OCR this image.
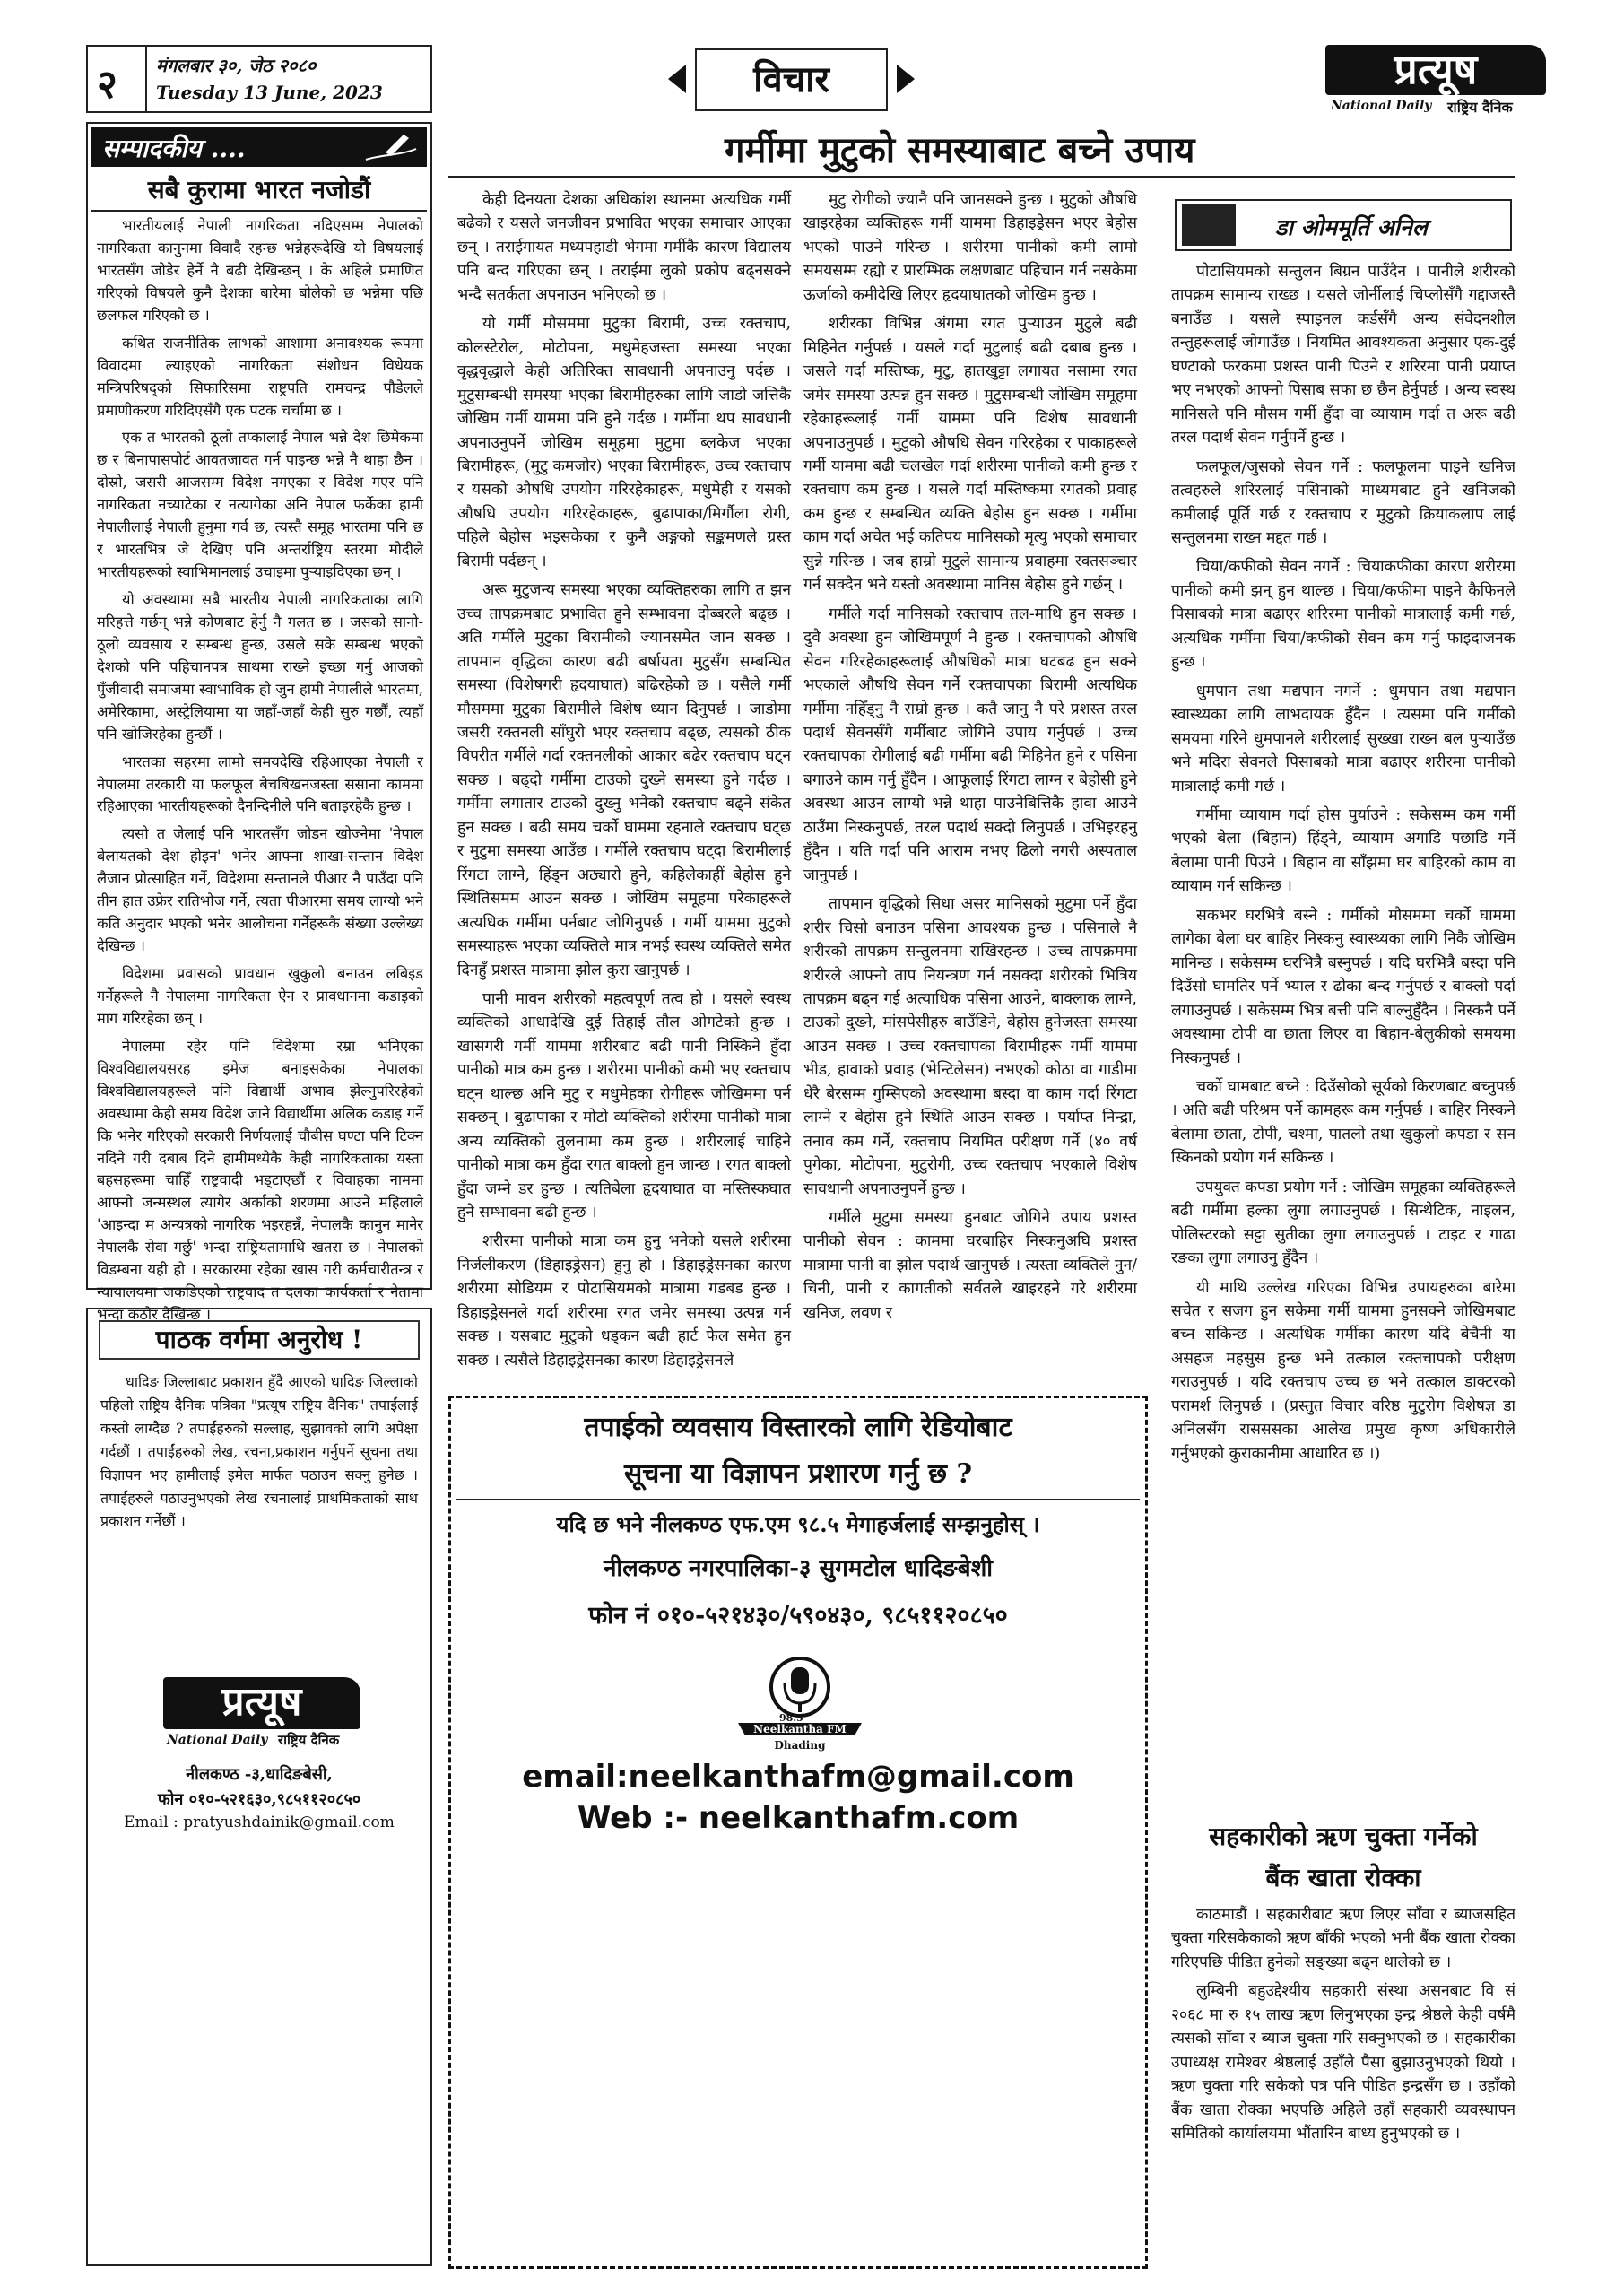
२ मंगलबार ३०, जेठ २०८०
Tuesday 13 June, 2023	विचार	प्रत्यूष
National Daily राष्ट्रिय दैनिक
सम्पादकीय ....
सबै कुरामा भारत नजोडौं

भारतीयलाई नेपाली नागरिकता नदिएसम्म नेपालको नागरिकता कानुनमा विवादै रहन्छ भन्नेहरूदेखि यो विषयलाई भारतसँग जोडेर हेर्ने नै बढी देखिन्छन् । के अहिले प्रमाणित गरिएको विषयले कुनै देशका बारेमा बोलेको छ भन्नेमा पछि छलफल गरिएको छ ।

कथित राजनीतिक लाभको आशामा अनावश्यक रूपमा विवादमा ल्याइएको नागरिकता संशोधन विधेयक मन्त्रिपरिषद्को सिफारिसमा राष्ट्रपति रामचन्द्र पौडेलले प्रमाणीकरण गरिदिएसँगै एक पटक चर्चामा छ ।

एक त भारतको ठूलो तप्कालाई नेपाल भन्ने देश छिमेकमा छ र बिनापासपोर्ट आवतजावत गर्न पाइन्छ भन्ने नै थाहा छैन । दोस्रो, जसरी आजसम्म विदेश नगएका र विदेश गएर पनि नागरिकता नच्याटेका र नत्यागेका अनि नेपाल फर्केका हामी नेपालीलाई नेपाली हुनुमा गर्व छ, त्यस्तै समूह भारतमा पनि छ र भारतभित्र जे देखिए पनि अन्तर्राष्ट्रिय स्तरमा मोदीले भारतीयहरूको स्वाभिमानलाई उचाइमा पुऱ्याइदिएका छन् ।

यो अवस्थामा सबै भारतीय नेपाली नागरिकताका लागि मरिहत्ते गर्छन् भन्ने कोणबाट हेर्नु नै गलत छ । जसको सानो-ठूलो व्यवसाय र सम्बन्ध हुन्छ, उसले सके सम्बन्ध भएको देशको पनि पहिचानपत्र साथमा राख्ने इच्छा गर्नु आजको पुँजीवादी समाजमा स्वाभाविक हो जुन हामी नेपालीले भारतमा, अमेरिकामा, अस्ट्रेलियामा या जहाँ-जहाँ केही सुरु गर्छौं, त्यहाँ पनि खोजिरहेका हुन्छौं ।

भारतका सहरमा लामो समयदेखि रहिआएका नेपाली र नेपालमा तरकारी या फलफूल बेचबिखनजस्ता ससाना काममा रहिआएका भारतीयहरूको दैनन्दिनीले पनि बताइरहेकै हुन्छ ।

त्यसो त जेलाई पनि भारतसँग जोडन खोज्नेमा 'नेपाल बेलायतको देश होइन' भनेर आफ्ना शाखा-सन्तान विदेश लैजान प्रोत्साहित गर्ने, विदेशमा सन्तानले पीआर नै पाउँदा पनि तीन हात उफ्रेर रातिभोज गर्ने, त्यता पीआरमा समय लाग्यो भने कति अनुदार भएको भनेर आलोचना गर्नेहरूकै संख्या उल्लेख्य देखिन्छ ।

विदेशमा प्रवासको प्रावधान खुकुलो बनाउन लबिइड गर्नेहरूले नै नेपालमा नागरिकता ऐन र प्रावधानमा कडाइको माग गरिरहेका छन् ।

नेपालमा रहेर पनि विदेशमा रम्रा भनिएका विश्वविद्यालयसरह इमेज बनाइसकेका नेपालका विश्वविद्यालयहरूले पनि विद्यार्थी अभाव झेल्नुपरिरहेको अवस्थामा केही समय विदेश जाने विद्यार्थीमा अलिक कडाइ गर्ने कि भनेर गरिएको सरकारी निर्णयलाई चौबीस घण्टा पनि टिक्न नदिने गरी दबाब दिने हामीमध्येकै केही नागरिकताका यस्ता बहसहरूमा चाहिँ राष्ट्रवादी भड्टाएछौं र विवाहका नाममा आफ्नो जन्मस्थल त्यागेर अर्काको शरणमा आउने महिलाले 'आइन्दा म अन्यत्रको नागरिक भइरहन्नँ, नेपालकै कानुन मानेर नेपालकै सेवा गर्छु' भन्दा राष्ट्रियतामाथि खतरा छ । नेपालको विडम्बना यही हो । सरकारमा रहेका खास गरी कर्मचारीतन्त्र र न्यायालयमा जकडिएको राष्ट्रवाद त दलका कार्यकर्ता र नेतामा भन्दा कठोर देखिन्छ ।

पाठक वर्गमा अनुरोध !

धादिङ जिल्लाबाट प्रकाशन हुँदै आएको धादिङ जिल्लाको पहिलो राष्ट्रिय दैनिक पत्रिका "प्रत्यूष राष्ट्रिय दैनिक" तपाईंलाई कस्तो लाग्दैछ ? तपाईंहरुको सल्लाह, सुझावको लागि अपेक्षा गर्दछौं । तपाईंहरुको लेख, रचना,प्रकाशन गर्नुपर्ने सूचना तथा विज्ञापन भए हामीलाई इमेल मार्फत पठाउन सक्नु हुनेछ । तपाईंहरुले पठाउनुभएको लेख रचनालाई प्राथमिकताको साथ प्रकाशन गर्नेछौं ।

प्रत्यूष
National Daily राष्ट्रिय दैनिक
नीलकण्ठ -३,धादिङबेसी,
फोन ०१०-५२१६३०,९८५११२०८५०
Email : pratyushdainik@gmail.com
गर्मीमा मुटुको समस्याबाट बच्ने उपाय

केही दिनयता देशका अधिकांश स्थानमा अत्यधिक गर्मी बढेको र यसले जनजीवन प्रभावित भएका समाचार आएका छन् । तराईगायत मध्यपहाडी भेगमा गर्मीकै कारण विद्यालय पनि बन्द गरिएका छन् । तराईमा लुको प्रकोप बढ्नसक्ने भन्दै सतर्कता अपनाउन भनिएको छ ।

यो गर्मी मौसममा मुटुका बिरामी, उच्च रक्तचाप, कोलस्टेरोल, मोटोपना, मधुमेहजस्ता समस्या भएका वृद्धवृद्धाले केही अतिरिक्त सावधानी अपनाउनु पर्दछ । मुटुसम्बन्धी समस्या भएका बिरामीहरुका लागि जाडो जत्तिकै जोखिम गर्मी याममा पनि हुने गर्दछ । गर्मीमा थप सावधानी अपनाउनुपर्ने जोखिम समूहमा मुटुमा ब्लकेज भएका बिरामीहरू, (मुटु कमजोर) भएका बिरामीहरू, उच्च रक्तचाप र यसको औषधि उपयोग गरिरहेकाहरू, मधुमेही र यसको औषधि उपयोग गरिरहेकाहरू, बुढापाका/मिर्गौला रोगी, पहिले बेहोस भइसकेका र कुनै अङ्गको सङ्कमणले ग्रस्त बिरामी पर्दछन् ।

अरू मुटुजन्य समस्या भएका व्यक्तिहरुका लागि त झन उच्च तापक्रमबाट प्रभावित हुने सम्भावना दोब्बरले बढ्छ । अति गर्मीले मुटुका बिरामीको ज्यानसमेत जान सक्छ । तापमान वृद्धिका कारण बढी बर्षायता मुटुसँग सम्बन्धित समस्या (विशेषगरी हृदयाघात) बढिरहेको छ । यसैले गर्मी मौसममा मुटुका बिरामीले विशेष ध्यान दिनुपर्छ । जाडोमा जसरी रक्तनली साँघुरो भएर रक्तचाप बढ्छ, त्यसको ठीक विपरीत गर्मीले गर्दा रक्तनलीको आकार बढेर रक्तचाप घट्न सक्छ । बढ्दो गर्मीमा टाउको दुख्ने समस्या हुने गर्दछ । गर्मीमा लगातार टाउको दुख्नु भनेको रक्तचाप बढ्ने संकेत हुन सक्छ । बढी समय चर्को घाममा रहनाले रक्तचाप घट्छ र मुटुमा समस्या आउँछ । गर्मीले रक्तचाप घट्दा बिरामीलाई रिंगटा लाग्ने, हिंड्न अठ्यारो हुने, कहिलेकाहीं बेहोस हुने स्थितिसमम आउन सक्छ । जोखिम समूहमा परेकाहरूले अत्यधिक गर्मीमा पर्नबाट जोगिनुपर्छ । गर्मी याममा मुटुको समस्याहरू भएका व्यक्तिले मात्र नभई स्वस्थ व्यक्तिले समेत दिनहुँ प्रशस्त मात्रामा झोल कुरा खानुपर्छ ।

पानी मावन शरीरको महत्वपूर्ण तत्व हो । यसले स्वस्थ व्यक्तिको आधादेखि दुई तिहाई तौल ओगटेको हुन्छ । खासगरी गर्मी याममा शरीरबाट बढी पानी निस्किने हुँदा पानीको मात्र कम हुन्छ । शरीरमा पानीको कमी भए रक्तचाप घट्न थाल्छ अनि मुटु र मधुमेहका रोगीहरू जोखिममा पर्न सक्छन् । बुढापाका र मोटो व्यक्तिको शरीरमा पानीको मात्रा अन्य व्यक्तिको तुलनामा कम हुन्छ । शरीरलाई चाहिने पानीको मात्रा कम हुँदा रगत बाक्लो हुन जान्छ । रगत बाक्लो हुँदा जम्ने डर हुन्छ । त्यतिबेला हृदयाघात वा मस्तिस्कघात हुने सम्भावना बढी हुन्छ ।

शरीरमा पानीको मात्रा कम हुनु भनेको यसले शरीरमा निर्जलीकरण (डिहाइड्रेसन) हुनु हो । डिहाइड्रेसनका कारण शरीरमा सोडियम र पोटासियमको मात्रामा गडबड हुन्छ । डिहाइड्रेसनले गर्दा शरीरमा रगत जमेर समस्या उत्पन्न गर्न सक्छ । यसबाट मुटुको धड्कन बढी हार्ट फेल समेत हुन सक्छ । त्यसैले डिहाइड्रेसनका कारण डिहाइड्रेसनले

मुटु रोगीको ज्यानै पनि जानसक्ने हुन्छ । मुटुको औषधि खाइरहेका व्यक्तिहरू गर्मी याममा डिहाइड्रेसन भएर बेहोस भएको पाउने गरिन्छ । शरीरमा पानीको कमी लामो समयसम्म रह्यो र प्रारम्भिक लक्षणबाट पहिचान गर्न नसकेमा ऊर्जाको कमीदेखि लिएर हृदयाघातको जोखिम हुन्छ ।

शरीरका विभिन्न अंगमा रगत पुऱ्याउन मुटुले बढी मिहिनेत गर्नुपर्छ । यसले गर्दा मुटुलाई बढी दबाब हुन्छ । जसले गर्दा मस्तिष्क, मुटु, हातखुट्टा लगायत नसामा रगत जमेर समस्या उत्पन्न हुन सक्छ । मुटुसम्बन्धी जोखिम समूहमा रहेकाहरूलाई गर्मी याममा पनि विशेष सावधानी अपनाउनुपर्छ । मुटुको औषधि सेवन गरिरहेका र पाकाहरूले गर्मी याममा बढी चलखेल गर्दा शरीरमा पानीको कमी हुन्छ र रक्तचाप कम हुन्छ । यसले गर्दा मस्तिष्कमा रगतको प्रवाह कम हुन्छ र सम्बन्धित व्यक्ति बेहोस हुन सक्छ । गर्मीमा काम गर्दा अचेत भई कतिपय मानिसको मृत्यु भएको समाचार सुन्ने गरिन्छ । जब हाम्रो मुटुले सामान्य प्रवाहमा रक्तसञ्चार गर्न सक्दैन भने यस्तो अवस्थामा मानिस बेहोस हुने गर्छन् ।

गर्मीले गर्दा मानिसको रक्तचाप तल-माथि हुन सक्छ । दुवै अवस्था हुन जोखिमपूर्ण नै हुन्छ । रक्तचापको औषधि सेवन गरिरहेकाहरूलाई औषधिको मात्रा घटबढ हुन सक्ने भएकाले औषधि सेवन गर्ने रक्तचापका बिरामी अत्यधिक गर्मीमा नहिँड्नु नै राम्रो हुन्छ । कतै जानु नै परे प्रशस्त तरल पदार्थ सेवनसँगै गर्मीबाट जोगिने उपाय गर्नुपर्छ । उच्च रक्तचापका रोगीलाई बढी गर्मीमा बढी मिहिनेत हुने र पसिना बगाउने काम गर्नु हुँदैन । आफूलाई रिंगटा लाग्न र बेहोसी हुने अवस्था आउन लाग्यो भन्ने थाहा पाउनेबित्तिकै हावा आउने ठाउँमा निस्कनुपर्छ, तरल पदार्थ सक्दो लिनुपर्छ । उभिइरहनु हुँदैन । यति गर्दा पनि आराम नभए ढिलो नगरी अस्पताल जानुपर्छ ।

तापमान वृद्धिको सिधा असर मानिसको मुटुमा पर्ने हुँदा शरीर चिसो बनाउन पसिना आवश्यक हुन्छ । पसिनाले नै शरीरको तापक्रम सन्तुलनमा राखिरहन्छ । उच्च तापक्रममा शरीरले आफ्नो ताप नियन्त्रण गर्न नसक्दा शरीरको भित्रिय तापक्रम बढ्न गई अत्याधिक पसिना आउने, बाक्लाक लाग्ने, टाउको दुख्ने, मांसपेसीहरु बाउँडिने, बेहोस हुनेजस्ता समस्या आउन सक्छ । उच्च रक्तचापका बिरामीहरू गर्मी याममा भीड, हावाको प्रवाह (भेन्टिलेसन) नभएको कोठा वा गाडीमा धेरै बेरसम्म गुम्सिएको अवस्थामा बस्दा वा काम गर्दा रिंगटा लाग्ने र बेहोस हुने स्थिति आउन सक्छ । पर्याप्त निन्द्रा, तनाव कम गर्ने, रक्तचाप नियमित परीक्षण गर्ने (४० वर्ष पुगेका, मोटोपना, मुटुरोगी, उच्च रक्तचाप भएकाले विशेष सावधानी अपनाउनुपर्ने हुन्छ ।

गर्मीले मुटुमा समस्या हुनबाट जोगिने उपाय प्रशस्त पानीको सेवन : काममा घरबाहिर निस्कनुअघि प्रशस्त मात्रामा पानी वा झोल पदार्थ खानुपर्छ । त्यस्ता व्यक्तिले नुन/चिनी, पानी र कागतीको सर्वतले खाइरहने गरे शरीरमा खनिज, लवण र

डा ओममूर्ति अनिल

पोटासियमको सन्तुलन बिग्रन पाउँदैन । पानीले शरीरको तापक्रम सामान्य राख्छ । यसले जोर्नीलाई चिप्लोसँगै गद्दाजस्तै बनाउँछ । यसले स्पाइनल कर्डसँगै अन्य संवेदनशील तन्तुहरूलाई जोगाउँछ । नियमित आवश्यकता अनुसार एक-दुई घण्टाको फरकमा प्रशस्त पानी पिउने र शरिरमा पानी प्रयाप्त भए नभएको आफ्नो पिसाब सफा छ छैन हेर्नुपर्छ । अन्य स्वस्थ मानिसले पनि मौसम गर्मी हुँदा वा व्यायाम गर्दा त अरू बढी तरल पदार्थ सेवन गर्नुपर्ने हुन्छ ।

फलफूल/जुसको सेवन गर्ने : फलफूलमा पाइने खनिज तत्वहरुले शरिरलाई पसिनाको माध्यमबाट हुने खनिजको कमीलाई पूर्ति गर्छ र रक्तचाप र मुटुको क्रियाकलाप लाई सन्तुलनमा राख्न मद्दत गर्छ ।

चिया/कफीको सेवन नगर्ने : चियाकफीका कारण शरीरमा पानीको कमी झन् हुन थाल्छ । चिया/कफीमा पाइने कैफिनले पिसाबको मात्रा बढाएर शरिरमा पानीको मात्रालाई कमी गर्छ, अत्यधिक गर्मीमा चिया/कफीको सेवन कम गर्नु फाइदाजनक हुन्छ ।

धुमपान तथा मद्यपान नगर्ने : धुमपान तथा मद्यपान स्वास्थ्यका लागि लाभदायक हुँदैन । त्यसमा पनि गर्मीको समयमा गरिने धुमपानले शरीरलाई सुख्खा राख्न बल पुऱ्याउँछ भने मदिरा सेवनले पिसाबको मात्रा बढाएर शरीरमा पानीको मात्रालाई कमी गर्छ ।

गर्मीमा व्यायाम गर्दा होस पुर्याउने : सकेसम्म कम गर्मी भएको बेला (बिहान) हिंड्ने, व्यायाम अगाडि पछाडि गर्ने बेलामा पानी पिउने । बिहान वा साँझमा घर बाहिरको काम वा व्यायाम गर्न सकिन्छ ।

सकभर घरभित्रै बस्ने : गर्मीको मौसममा चर्को घाममा लागेका बेला घर बाहिर निस्कनु स्वास्थ्यका लागि निकै जोखिम मानिन्छ । सकेसम्म घरभित्रै बस्नुपर्छ । यदि घरभित्रै बस्दा पनि दिउँसो घामतिर पर्ने भ्याल र ढोका बन्द गर्नुपर्छ र बाक्लो पर्दा लगाउनुपर्छ । सकेसम्म भित्र बत्ती पनि बाल्नुहुँदैन । निस्कनै पर्ने अवस्थामा टोपी वा छाता लिएर वा बिहान-बेलुकीको समयमा निस्कनुपर्छ ।

चर्को घामबाट बच्ने : दिउँसोको सूर्यको किरणबाट बच्नुपर्छ । अति बढी परिश्रम पर्ने कामहरू कम गर्नुपर्छ । बाहिर निस्कने बेलामा छाता, टोपी, चश्मा, पातलो तथा खुकुलो कपडा र सन स्किनको प्रयोग गर्न सकिन्छ ।

उपयुक्त कपडा प्रयोग गर्ने : जोखिम समूहका व्यक्तिहरूले बढी गर्मीमा हल्का लुगा लगाउनुपर्छ । सिन्थेटिक, नाइलन, पोलिस्टरको सट्टा सुतीका लुगा लगाउनुपर्छ । टाइट र गाढा रङका लुगा लगाउनु हुँदैन ।

यी माथि उल्लेख गरिएका विभिन्न उपायहरुका बारेमा सचेत र सजग हुन सकेमा गर्मी याममा हुनसक्ने जोखिमबाट बच्न सकिन्छ । अत्यधिक गर्मीका कारण यदि बेचैनी या असहज महसुस हुन्छ भने तत्काल रक्तचापको परीक्षण गराउनुपर्छ । यदि रक्तचाप उच्च छ भने तत्काल डाक्टरको परामर्श लिनुपर्छ । (प्रस्तुत विचार वरिष्ठ मुटुरोग विशेषज्ञ डा अनिलसँग रासससका आलेख प्रमुख कृष्ण अधिकारीले गर्नुभएको कुराकानीमा आधारित छ ।)

सहकारीको ऋण चुक्ता गर्नेको
बैंक खाता रोक्का

काठमाडौं । सहकारीबाट ऋण लिएर साँवा र ब्याजसहित चुक्ता गरिसकेकाको ऋण बाँकी भएको भनी बैंक खाता रोक्का गरिएपछि पीडित हुनेको सङ्ख्या बढ्न थालेको छ ।

लुम्बिनी बहुउद्देश्यीय सहकारी संस्था असनबाट वि सं २०६८ मा रु १५ लाख ऋण लिनुभएका इन्द्र श्रेष्ठले केही वर्षमै त्यसको साँवा र ब्याज चुक्ता गरि सक्नुभएको छ । सहकारीका उपाध्यक्ष रामेश्वर श्रेष्ठलाई उहाँले पैसा बुझाउनुभएको थियो । ऋण चुक्ता गरि सकेको पत्र पनि पीडित इन्द्रसँग छ । उहाँको बैंक खाता रोक्का भएपछि अहिले उहाँ सहकारी व्यवस्थापन समितिको कार्यालयमा भौंतारिन बाध्य हुनुभएको छ ।

तपाईको व्यवसाय विस्तारको लागि रेडियोबाट
सूचना या विज्ञापन प्रशारण गर्नु छ ?
यदि छ भने नीलकण्ठ एफ.एम ९८.५ मेगाहर्जलाई सम्झनुहोस् ।
नीलकण्ठ नगरपालिका-३ सुगमटोल धादिङबेशी
फोन नं ०१०-५२१४३०/५९०४३०, ९८५११२०८५०
98.5
Neelkantha FM
Dhading
email:neelkanthafm@gmail.com
Web :- neelkanthafm.com
